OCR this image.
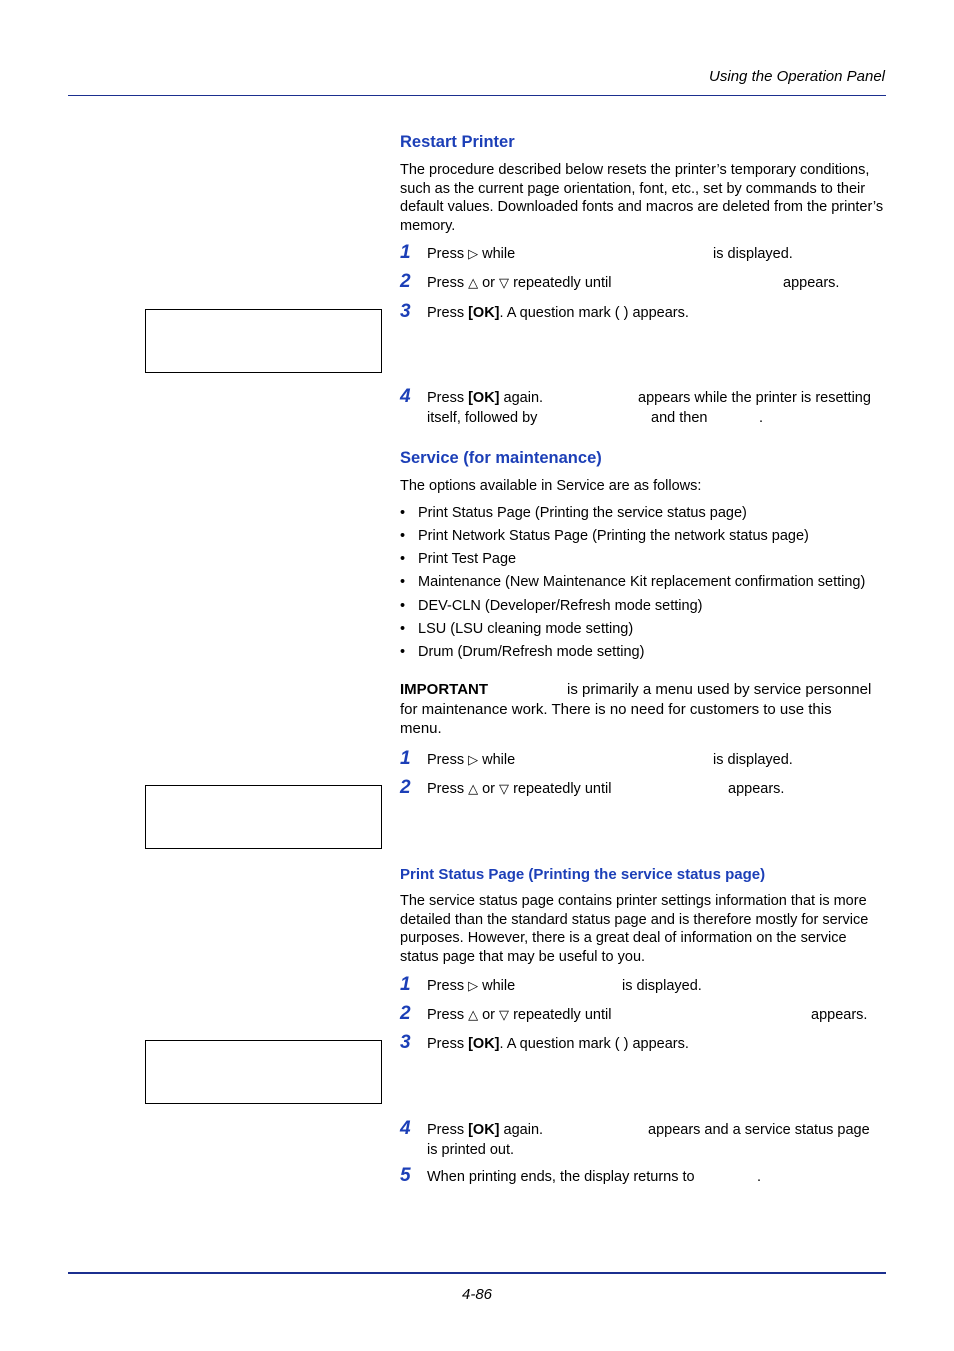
Using the Operation Panel
Restart Printer
The procedure described below resets the printer’s temporary conditions, such as the current page orientation, font, etc., set by commands to their default values. Downloaded fonts and macros are deleted from the printer’s memory.
1	Press ▷ while	is displayed.
2	Press △ or ▽ repeatedly until	appears.
3	Press [OK]. A question mark ( ) appears.
4	Press [OK] again.	appears while the printer is resetting
itself, followed by	and then	.
Service (for maintenance)
The options available in Service are as follows:
• Print Status Page (Printing the service status page)
• Print Network Status Page (Printing the network status page)
• Print Test Page
• Maintenance (New Maintenance Kit replacement confirmation setting)
• DEV-CLN (Developer/Refresh mode setting)
• LSU (LSU cleaning mode setting)
• Drum (Drum/Refresh mode setting)
IMPORTANT	is primarily a menu used by service personnel
for maintenance work. There is no need for customers to use this
menu.
1	Press ▷ while	is displayed.
2	Press △ or ▽ repeatedly until	appears.
Print Status Page (Printing the service status page)
The service status page contains printer settings information that is more detailed than the standard status page and is therefore mostly for service purposes. However, there is a great deal of information on the service status page that may be useful to you.
1	Press ▷ while	is displayed.
2	Press △ or ▽ repeatedly until	appears.
3	Press [OK]. A question mark ( ) appears.
4	Press [OK] again.	appears and a service status page
is printed out.
5	When printing ends, the display returns to	.
4-86
